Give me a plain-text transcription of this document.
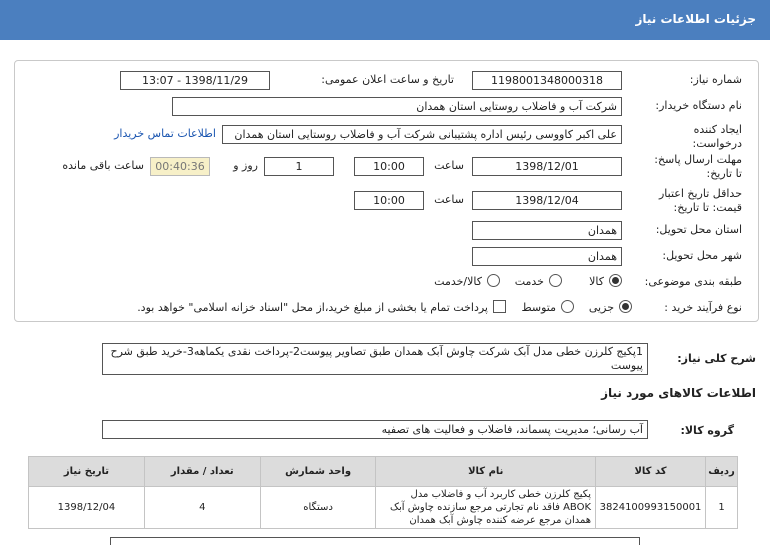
جزئیات اطلاعات نیاز
شماره نیاز:
1198001348000318
تاریخ و ساعت اعلان عمومی:
1398/11/29 - 13:07
نام دستگاه خریدار:
شرکت آب و فاضلاب روستایی استان همدان
ایجاد کننده
درخواست:
علی اکبر کاووسی رئیس اداره پشتیبانی شرکت آب و فاضلاب روستایی استان همدان
اطلاعات تماس خریدار
مهلت ارسال پاسخ:
تا تاریخ:
1398/12/01
ساعت
10:00
1
روز و
00:40:36
ساعت باقی مانده
حداقل تاریخ اعتبار
قیمت: تا تاریخ:
1398/12/04
ساعت
10:00
استان محل تحویل:
همدان
شهر محل تحویل:
همدان
طبقه بندی موضوعی:
کالا
خدمت
کالا/خدمت
نوع فرآیند خرید :
جزیی
متوسط
پرداخت تمام یا بخشی از مبلغ خرید،از محل "اسناد خزانه اسلامی" خواهد بود.
شرح کلی نیاز:
1پکیج کلرزن خطی مدل آبک شرکت چاوش آبک همدان طبق تصاویر پیوست2-پرداخت نقدی یکماهه3-خرید طبق شرح پیوست
اطلاعات کالاهای مورد نیاز
گروه کالا:
آب رسانی؛ مدیریت پسماند، فاضلاب و فعالیت های تصفیه
ردیف	کد کالا	نام کالا	واحد شمارش	تعداد / مقدار	تاریخ نیاز
1	3824100993150001	پکیج کلرزن خطی کاربرد آب و فاضلاب مدل ABOK فاقد نام تجارتی مرجع سازنده چاوش آبک همدان مرجع عرضه کننده چاوش آبک همدان	دستگاه	4	1398/12/04
